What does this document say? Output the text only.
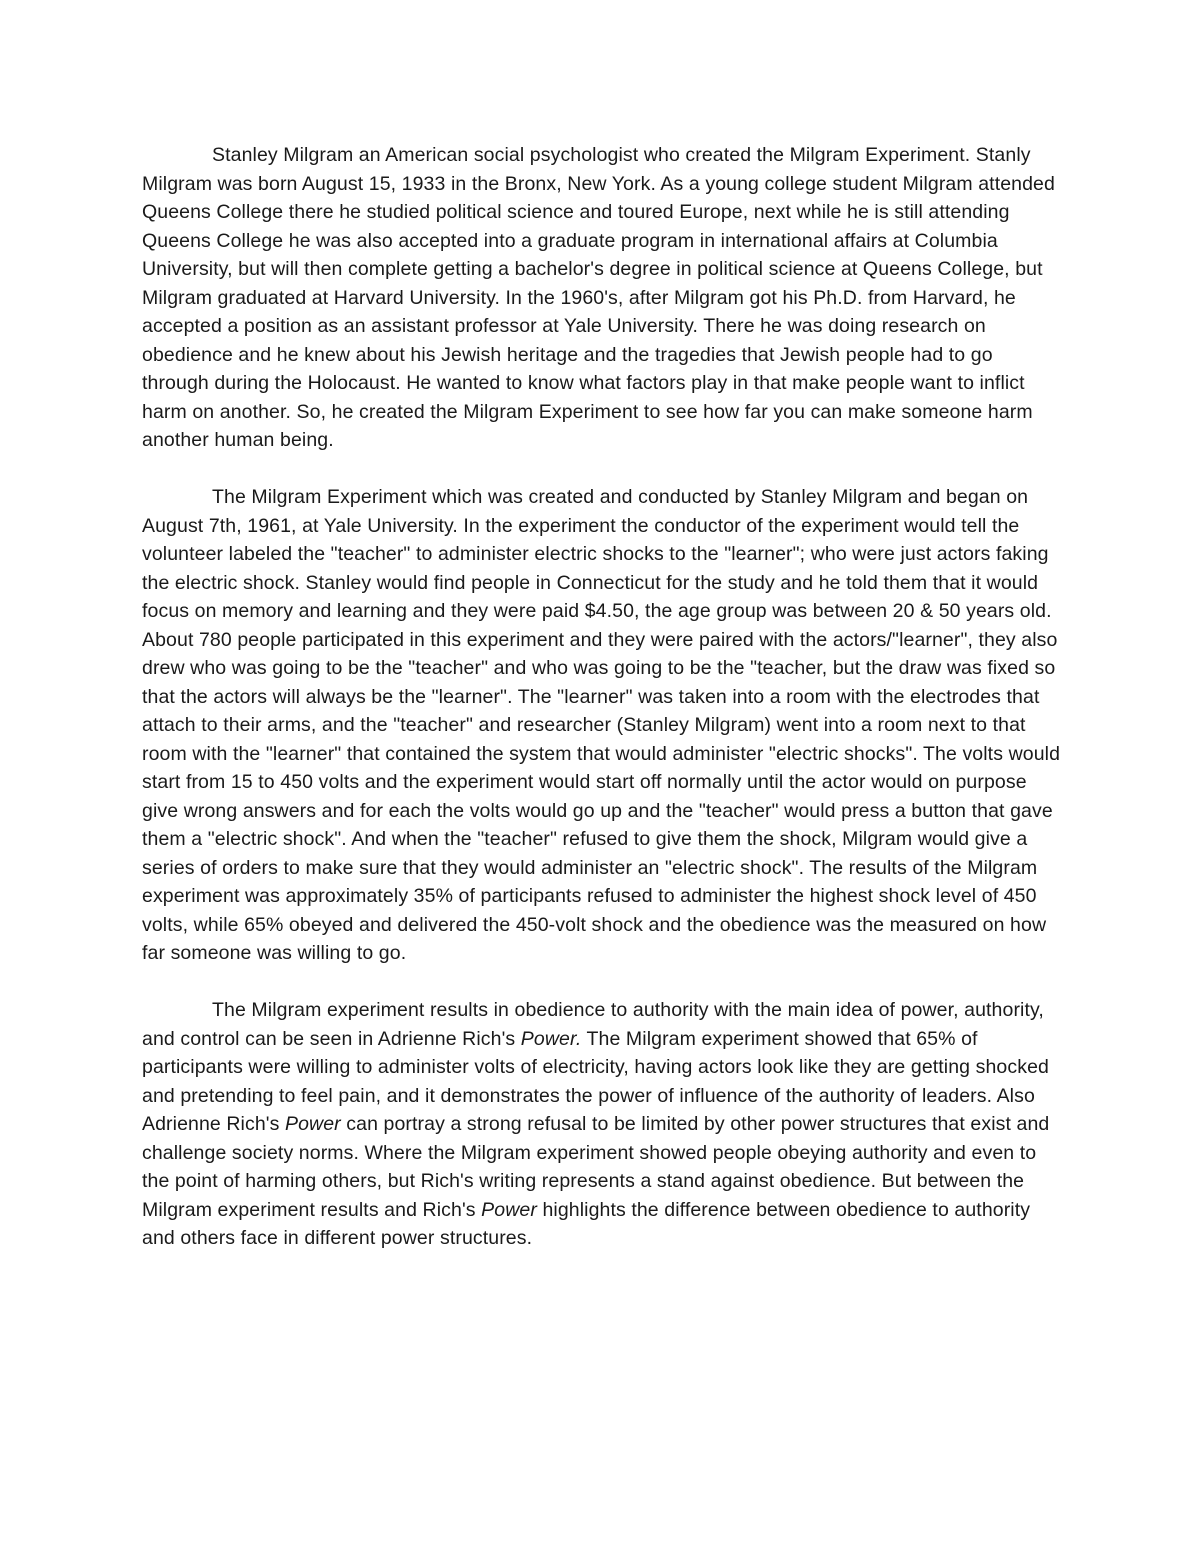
Stanley Milgram an American social psychologist who created the Milgram Experiment. Stanly Milgram was born August 15, 1933 in the Bronx, New York. As a young college student Milgram attended Queens College there he studied political science and toured Europe, next while he is still attending Queens College he was also accepted into a graduate program in international affairs at Columbia University, but will then complete getting a bachelor's degree in political science at Queens College, but Milgram graduated at Harvard University. In the 1960's, after Milgram got his Ph.D. from Harvard, he accepted a position as an assistant professor at Yale University. There he was doing research on obedience and he knew about his Jewish heritage and the tragedies that Jewish people had to go through during the Holocaust. He wanted to know what factors play in that make people want to inflict harm on another. So, he created the Milgram Experiment to see how far you can make someone harm another human being.

The Milgram Experiment which was created and conducted by Stanley Milgram and began on August 7th, 1961, at Yale University. In the experiment the conductor of the experiment would tell the volunteer labeled the "teacher" to administer electric shocks to the "learner"; who were just actors faking the electric shock. Stanley would find people in Connecticut for the study and he told them that it would focus on memory and learning and they were paid $4.50, the age group was between 20 & 50 years old. About 780 people participated in this experiment and they were paired with the actors/"learner", they also drew who was going to be the "teacher" and who was going to be the "teacher, but the draw was fixed so that the actors will always be the "learner". The "learner" was taken into a room with the electrodes that attach to their arms, and the "teacher" and researcher (Stanley Milgram) went into a room next to that room with the "learner" that contained the system that would administer "electric shocks". The volts would start from 15 to 450 volts and the experiment would start off normally until the actor would on purpose give wrong answers and for each the volts would go up and the "teacher" would press a button that gave them a "electric shock". And when the "teacher" refused to give them the shock, Milgram would give a series of orders to make sure that they would administer an "electric shock". The results of the Milgram experiment was approximately 35% of participants refused to administer the highest shock level of 450 volts, while 65% obeyed and delivered the 450-volt shock and the obedience was the measured on how far someone was willing to go.

The Milgram experiment results in obedience to authority with the main idea of power, authority, and control can be seen in Adrienne Rich's Power. The Milgram experiment showed that 65% of participants were willing to administer volts of electricity, having actors look like they are getting shocked and pretending to feel pain, and it demonstrates the power of influence of the authority of leaders. Also Adrienne Rich's Power can portray a strong refusal to be limited by other power structures that exist and challenge society norms. Where the Milgram experiment showed people obeying authority and even to the point of harming others, but Rich's writing represents a stand against obedience. But between the Milgram experiment results and Rich's Power highlights the difference between obedience to authority and others face in different power structures.
